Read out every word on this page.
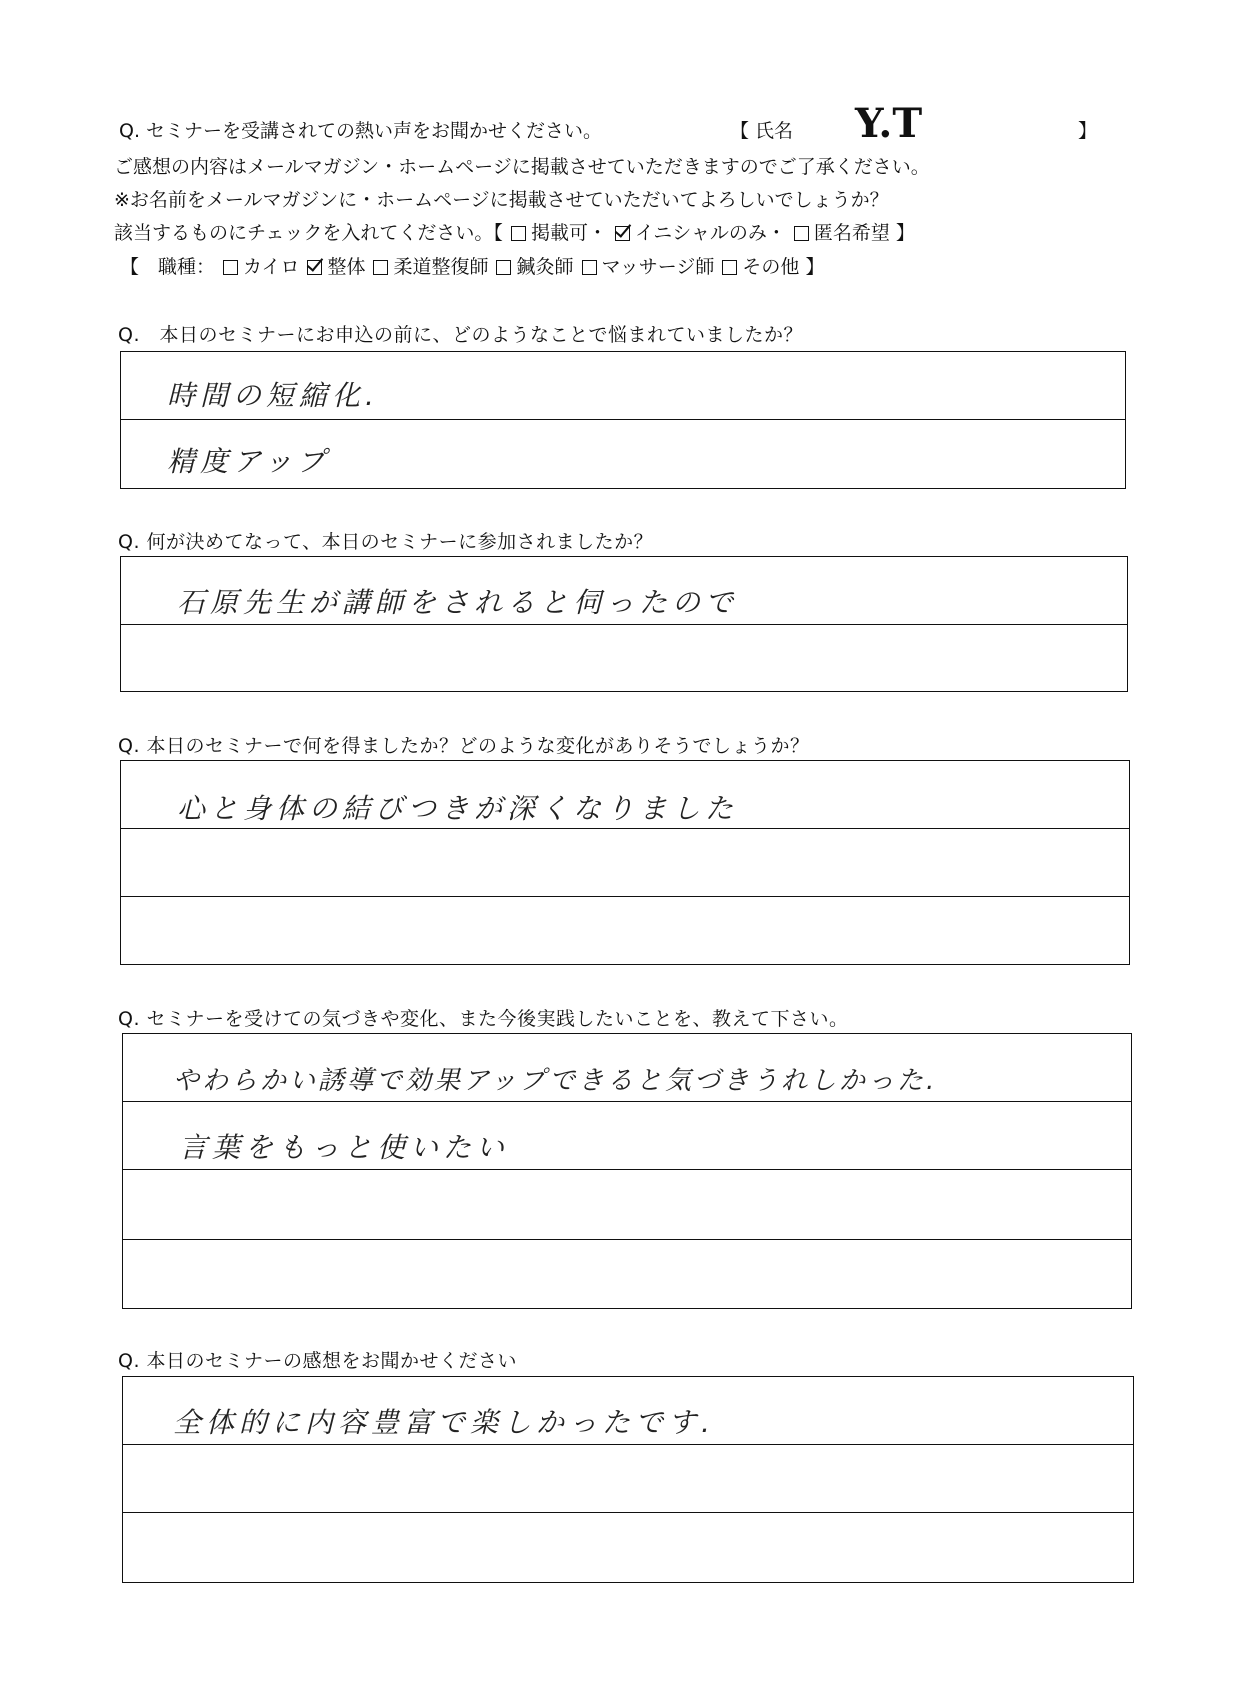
Q. セミナーを受講されての熱い声をお聞かせください。	【 氏名 Y.T	】
ご感想の内容はメールマガジン・ホームページに掲載させていただきますのでご了承ください。
※お名前をメールマガジンに・ホームページに掲載させていただいてよろしいでしょうか？
該当するものにチェックを入れてください。【 掲載可・ イニシャルのみ・ 匿名希望 】
【　職種： カイロ 整体 柔道整復師 鍼灸師 マッサージ師 その他 】
Q.　本日のセミナーにお申込の前に、どのようなことで悩まれていましたか？
時間の短縮化.
精度アップ
Q. 何が決めてなって、本日のセミナーに参加されましたか？
石原先生が講師をされると伺ったので
Q. 本日のセミナーで何を得ましたか？どのような変化がありそうでしょうか？
心と身体の結びつきが深くなりました
Q. セミナーを受けての気づきや変化、また今後実践したいことを、教えて下さい。
やわらかい誘導で効果アップできると気づきうれしかった.
言葉をもっと使いたい
Q. 本日のセミナーの感想をお聞かせください
全体的に内容豊富で楽しかったです.
